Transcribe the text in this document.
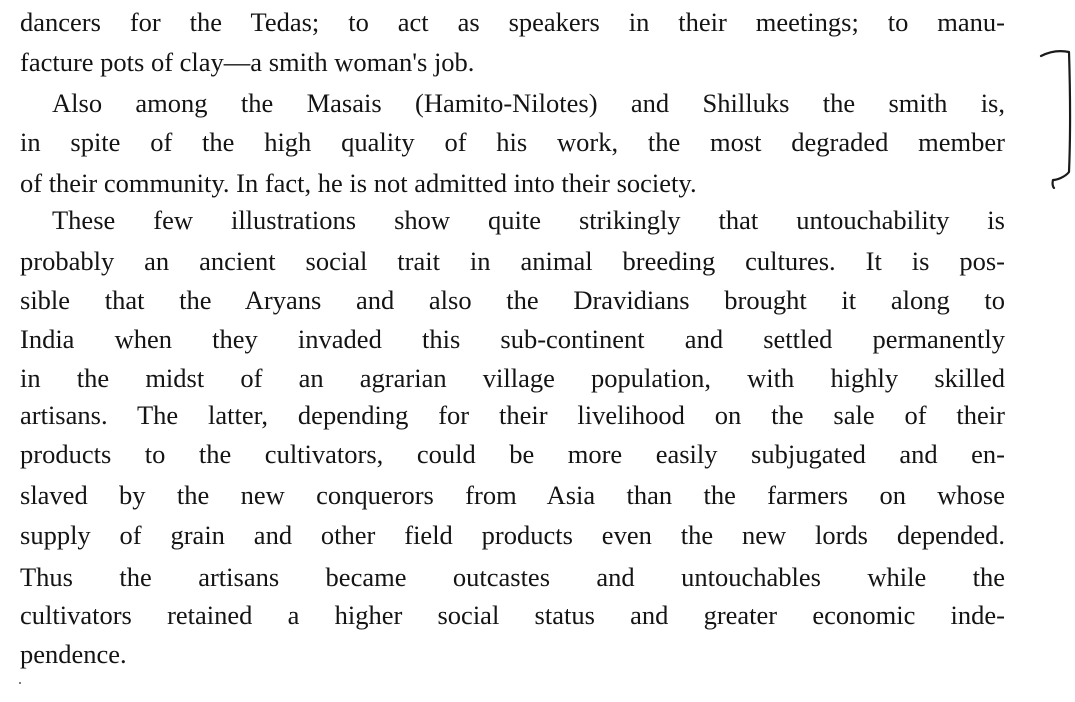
dancers for the Tedas; to act as speakers in their meetings; to manu-
facture pots of clay—a smith woman's job.
Also among the Masais (Hamito-Nilotes) and Shilluks the smith is,
in spite of the high quality of his work, the most degraded member
of their community. In fact, he is not admitted into their society.
These few illustrations show quite strikingly that untouchability is
probably an ancient social trait in animal breeding cultures. It is pos-
sible that the Aryans and also the Dravidians brought it along to
India when they invaded this sub-continent and settled permanently
in the midst of an agrarian village population, with highly skilled
artisans. The latter, depending for their livelihood on the sale of their
products to the cultivators, could be more easily subjugated and en-
slaved by the new conquerors from Asia than the farmers on whose
supply of grain and other field products even the new lords depended.
Thus the artisans became outcastes and untouchables while the
cultivators retained a higher social status and greater economic inde-
pendence.
